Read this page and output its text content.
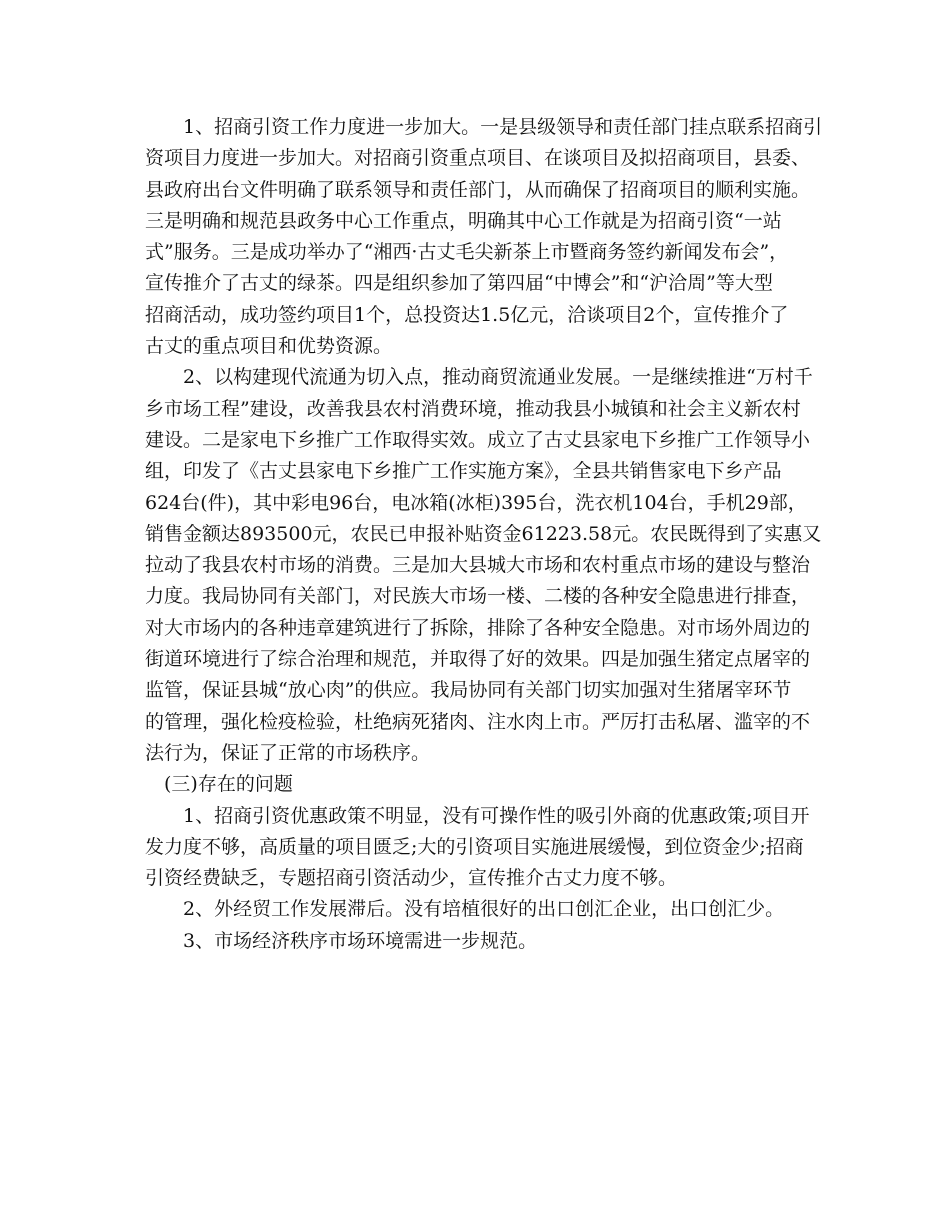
1、招商引资工作力度进一步加大。一是县级领导和责任部门挂点联系招商引
资项目力度进一步加大。对招商引资重点项目、在谈项目及拟招商项目，县委、
县政府出台文件明确了联系领导和责任部门，从而确保了招商项目的顺利实施。
三是明确和规范县政务中心工作重点，明确其中心工作就是为招商引资“一站
式”服务。三是成功举办了“湘西·古丈毛尖新茶上市暨商务签约新闻发布会”，
宣传推介了古丈的绿茶。四是组织参加了第四届“中博会”和“沪洽周”等大型
招商活动，成功签约项目1个，总投资达1.5亿元，洽谈项目2个，宣传推介了
古丈的重点项目和优势资源。
2、以构建现代流通为切入点，推动商贸流通业发展。一是继续推进“万村千
乡市场工程”建设，改善我县农村消费环境，推动我县小城镇和社会主义新农村
建设。二是家电下乡推广工作取得实效。成立了古丈县家电下乡推广工作领导小
组，印发了《古丈县家电下乡推广工作实施方案》，全县共销售家电下乡产品
624台(件)，其中彩电96台，电冰箱(冰柜)395台，洗衣机104台，手机29部，
销售金额达893500元，农民已申报补贴资金61223.58元。农民既得到了实惠又
拉动了我县农村市场的消费。三是加大县城大市场和农村重点市场的建设与整治
力度。我局协同有关部门，对民族大市场一楼、二楼的各种安全隐患进行排查，
对大市场内的各种违章建筑进行了拆除，排除了各种安全隐患。对市场外周边的
街道环境进行了综合治理和规范，并取得了好的效果。四是加强生猪定点屠宰的
监管，保证县城“放心肉”的供应。我局协同有关部门切实加强对生猪屠宰环节
的管理，强化检疫检验，杜绝病死猪肉、注水肉上市。严厉打击私屠、滥宰的不
法行为，保证了正常的市场秩序。
(三)存在的问题
1、招商引资优惠政策不明显，没有可操作性的吸引外商的优惠政策;项目开
发力度不够，高质量的项目匮乏;大的引资项目实施进展缓慢，到位资金少;招商
引资经费缺乏，专题招商引资活动少，宣传推介古丈力度不够。
2、外经贸工作发展滞后。没有培植很好的出口创汇企业，出口创汇少。
3、市场经济秩序市场环境需进一步规范。
